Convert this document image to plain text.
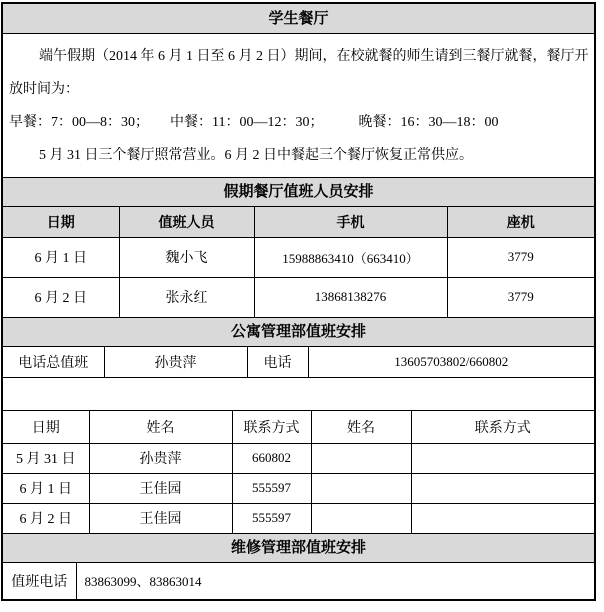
学生餐厅
端午假期（2014 年 6 月 1 日至 6 月 2 日）期间，在校就餐的师生请到三餐厅就餐，餐厅开
放时间为：
早餐：7：00—8：30；　　中餐：11：00—12：30；　　　晚餐：16：30—18：00
5 月 31 日三个餐厅照常营业。6 月 2 日中餐起三个餐厅恢复正常供应。
假期餐厅值班人员安排
日期	值班人员	手机	座机
6 月 1 日	魏小飞	15988863410（663410）	3779
6 月 2 日	张永红	13868138276	3779
公寓管理部值班安排
电话总值班	孙贵萍	电话	13605703802/660802
日期	姓名	联系方式	姓名	联系方式
5 月 31 日	孙贵萍	660802		
6 月 1 日	王佳园	555597		
6 月 2 日	王佳园	555597		
维修管理部值班安排
值班电话	83863099、83863014
